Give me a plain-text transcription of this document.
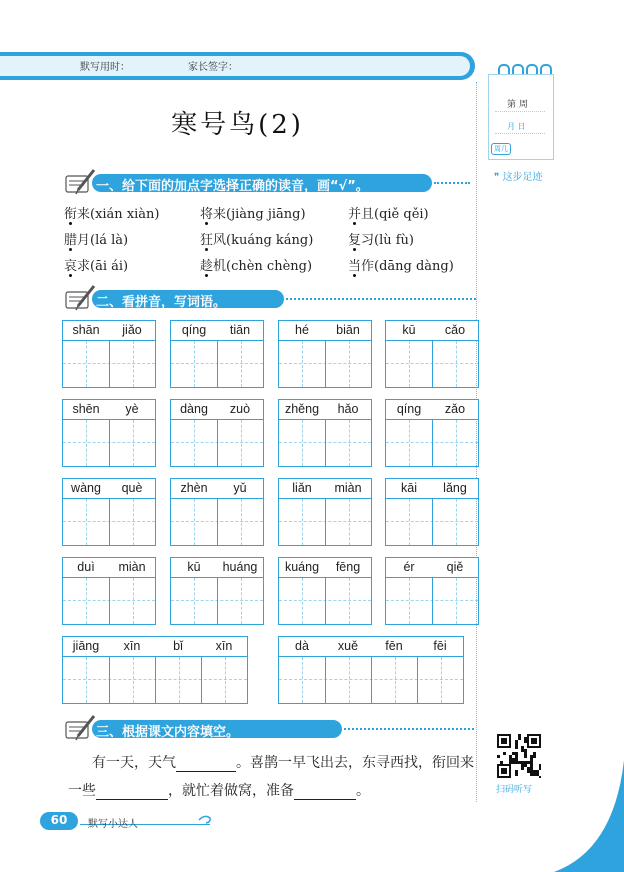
默写用时：	家长签字：
第 周
月 日
周几
❞ 这步足迹
寒号鸟(2)
一、给下面的加点字选择正确的读音，画“√”。
衔来(xián xiàn)	将来(jiàng jiāng)	并且(qiě qěi)
腊月(lá là)	狂风(kuáng káng)	复习(lù fù)
哀求(āi ái)	趁机(chèn chèng)	当作(dāng dàng)
二、看拼音，写词语。
shān	jiǎo	qíng	tiān	hé	biān	kū	cǎo
shēn	yè	dàng	zuò	zhěng	hǎo	qíng	zǎo
wàng	què	zhèn	yǔ	liǎn	miàn	kāi	lǎng
duì	miàn	kū	huáng	kuáng	fēng	ér	qiě
jiāng	xīn	bǐ	xīn	dà	xuě	fēn	fēi
三、根据课文内容填空。
有一天，天气	。喜鹊一早飞出去，东寻西找，衔回来
一些	，就忙着做窝，准备	。	扫码听写
60	默写小达人
